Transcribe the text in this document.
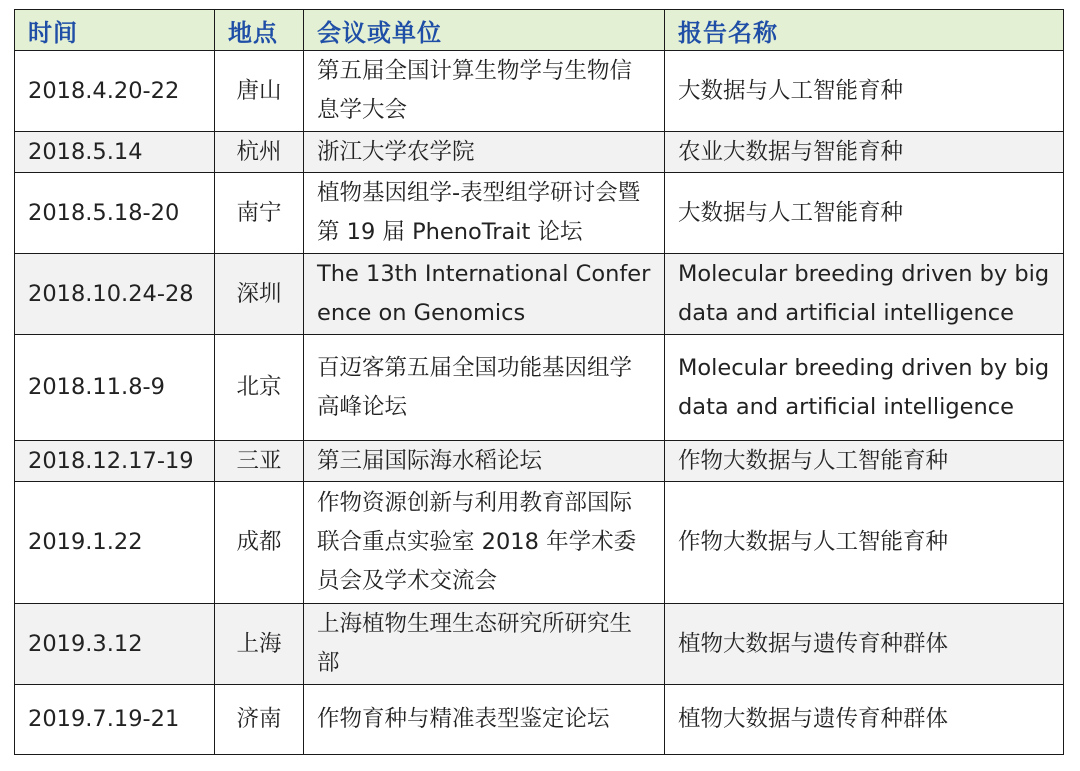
时间	地点	会议或单位	报告名称
2018.4.20-22	唐山	第五届全国计算生物学与生物信息学大会	大数据与人工智能育种
2018.5.14	杭州	浙江大学农学院	农业大数据与智能育种
2018.5.18-20	南宁	植物基因组学-表型组学研讨会暨第 19 届 PhenoTrait 论坛	大数据与人工智能育种
2018.10.24-28	深圳	The 13th International Conference on Genomics	Molecular breeding driven by big data and artificial intelligence
2018.11.8-9	北京	百迈客第五届全国功能基因组学高峰论坛	Molecular breeding driven by big data and artificial intelligence
2018.12.17-19	三亚	第三届国际海水稻论坛	作物大数据与人工智能育种
2019.1.22	成都	作物资源创新与利用教育部国际联合重点实验室 2018 年学术委员会及学术交流会	作物大数据与人工智能育种
2019.3.12	上海	上海植物生理生态研究所研究生部	植物大数据与遗传育种群体
2019.7.19-21	济南	作物育种与精准表型鉴定论坛	植物大数据与遗传育种群体
